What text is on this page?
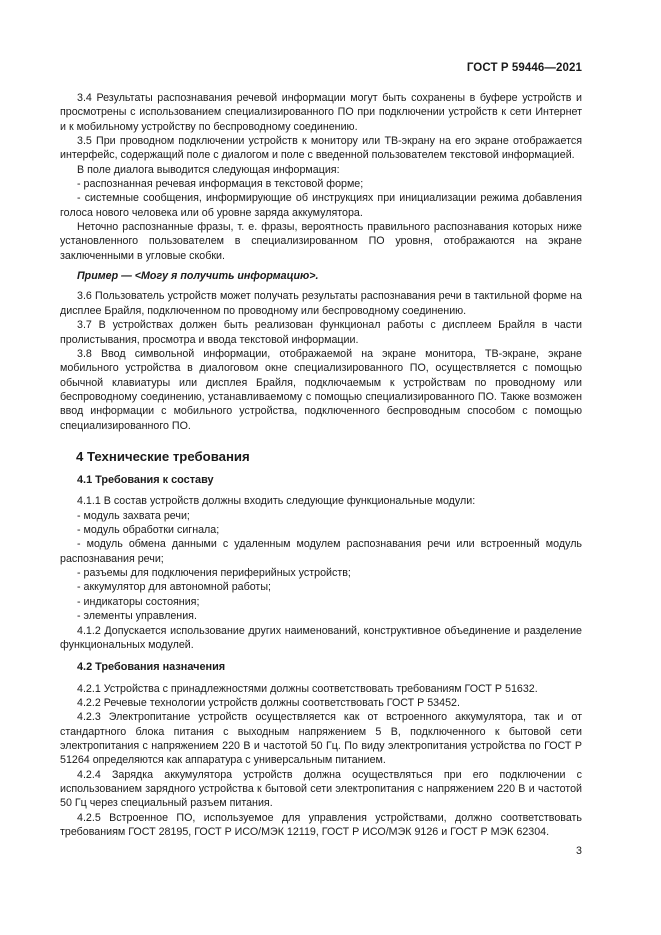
ГОСТ Р 59446—2021

3.4 Результаты распознавания речевой информации могут быть сохранены в буфере устройств и просмотрены с использованием специализированного ПО при подключении устройств к сети Интернет и к мобильному устройству по беспроводному соединению.

3.5 При проводном подключении устройств к монитору или ТВ-экрану на его экране отображается интерфейс, содержащий поле с диалогом и поле с введенной пользователем текстовой информацией.

В поле диалога выводится следующая информация:

- распознанная речевая информация в текстовой форме;

- системные сообщения, информирующие об инструкциях при инициализации режима добавления голоса нового человека или об уровне заряда аккумулятора.

Неточно распознанные фразы, т. е. фразы, вероятность правильного распознавания которых ниже установленного пользователем в специализированном ПО уровня, отображаются на экране заключенными в угловые скобки.

Пример — <Могу я получить информацию>.

3.6 Пользователь устройств может получать результаты распознавания речи в тактильной форме на дисплее Брайля, подключенном по проводному или беспроводному соединению.

3.7 В устройствах должен быть реализован функционал работы с дисплеем Брайля в части пролистывания, просмотра и ввода текстовой информации.

3.8 Ввод символьной информации, отображаемой на экране монитора, ТВ-экране, экране мобильного устройства в диалоговом окне специализированного ПО, осуществляется с помощью обычной клавиатуры или дисплея Брайля, подключаемым к устройствам по проводному или беспроводному соединению, устанавливаемому с помощью специализированного ПО. Также возможен ввод информации с мобильного устройства, подключенного беспроводным способом с помощью специализированного ПО.

4 Технические требования
4.1 Требования к составу

4.1.1 В состав устройств должны входить следующие функциональные модули:

- модуль захвата речи;

- модуль обработки сигнала;

- модуль обмена данными с удаленным модулем распознавания речи или встроенный модуль распознавания речи;

- разъемы для подключения периферийных устройств;

- аккумулятор для автономной работы;

- индикаторы состояния;

- элементы управления.

4.1.2 Допускается использование других наименований, конструктивное объединение и разделение функциональных модулей.

4.2 Требования назначения

4.2.1 Устройства с принадлежностями должны соответствовать требованиям ГОСТ Р 51632.

4.2.2 Речевые технологии устройств должны соответствовать ГОСТ Р 53452.

4.2.3 Электропитание устройств осуществляется как от встроенного аккумулятора, так и от стандартного блока питания с выходным напряжением 5 В, подключенного к бытовой сети электропитания с напряжением 220 В и частотой 50 Гц. По виду электропитания устройства по ГОСТ Р 51264 определяются как аппаратура с универсальным питанием.

4.2.4 Зарядка аккумулятора устройств должна осуществляться при его подключении с использованием зарядного устройства к бытовой сети электропитания с напряжением 220 В и частотой 50 Гц через специальный разъем питания.

4.2.5 Встроенное ПО, используемое для управления устройствами, должно соответствовать требованиям ГОСТ 28195, ГОСТ Р ИСО/МЭК 12119, ГОСТ Р ИСО/МЭК 9126 и ГОСТ Р МЭК 62304.

3
